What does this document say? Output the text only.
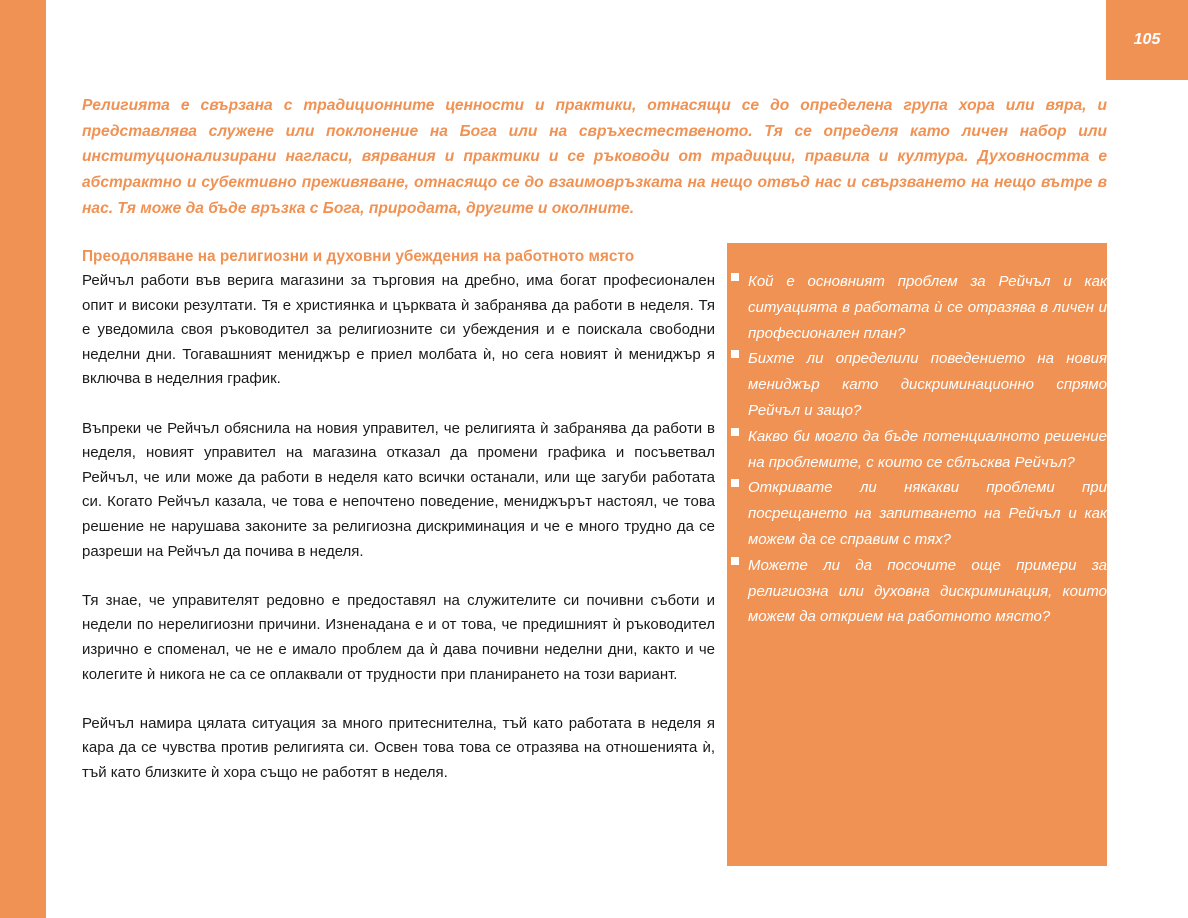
105

Религията е свързана с традиционните ценности и практики, отнасящи се до определена група хора или вяра, и представлява служене или поклонение на Бога или на свръхестественото. Тя се определя като личен набор или институционализирани нагласи, вярвания и практики и се ръководи от традиции, правила и култура. Духовността е абстрактно и субективно преживяване, отнасящо се до взаимовръзката на нещо отвъд нас и свързването на нещо вътре в нас. Тя може да бъде връзка с Бога, природата, другите и околните.

Преодоляване на религиозни и духовни убеждения на работното място

Рейчъл работи във верига магазини за търговия на дребно, има богат професионален опит и високи резултати. Тя е християнка и църквата ѝ забранява да работи в неделя. Тя е уведомила своя ръководител за религиозните си убеждения и е поискала свободни неделни дни. Тогавашният мениджър е приел молбата ѝ, но сега новият ѝ мениджър я включва в неделния график.

Въпреки че Рейчъл обяснила на новия управител, че религията ѝ забранява да работи в неделя, новият управител на магазина отказал да промени графика и посъветвал Рейчъл, че или може да работи в неделя като всички останали, или ще загуби работата си. Когато Рейчъл казала, че това е непочтено поведение, мениджърът настоял, че това решение не нарушава законите за религиозна дискриминация и че е много трудно да се разреши на Рейчъл да почива в неделя.

Тя знае, че управителят редовно е предоставял на служителите си почивни съботи и недели по нерелигиозни причини. Изненадана е и от това, че предишният ѝ ръководител изрично е споменал, че не е имало проблем да ѝ дава почивни неделни дни, както и че колегите ѝ никога не са се оплаквали от трудности при планирането на този вариант.

Рейчъл намира цялата ситуация за много притеснителна, тъй като работата в неделя я кара да се чувства против религията си. Освен това това се отразява на отношенията ѝ, тъй като близките ѝ хора също не работят в неделя.

Кой е основният проблем за Рейчъл и как ситуацията в работата ѝ се отразява в личен и професионален план?
Бихте ли определили поведението на новия мениджър като дискриминационно спрямо Рейчъл и защо?
Какво би могло да бъде потенциалното решение на проблемите, с които се сблъсква Рейчъл?
Откривате ли някакви проблеми при посрещането на запитването на Рейчъл и как можем да се справим с тях?
Можете ли да посочите още примери за религиозна или духовна дискриминация, които можем да открием на работното място?
